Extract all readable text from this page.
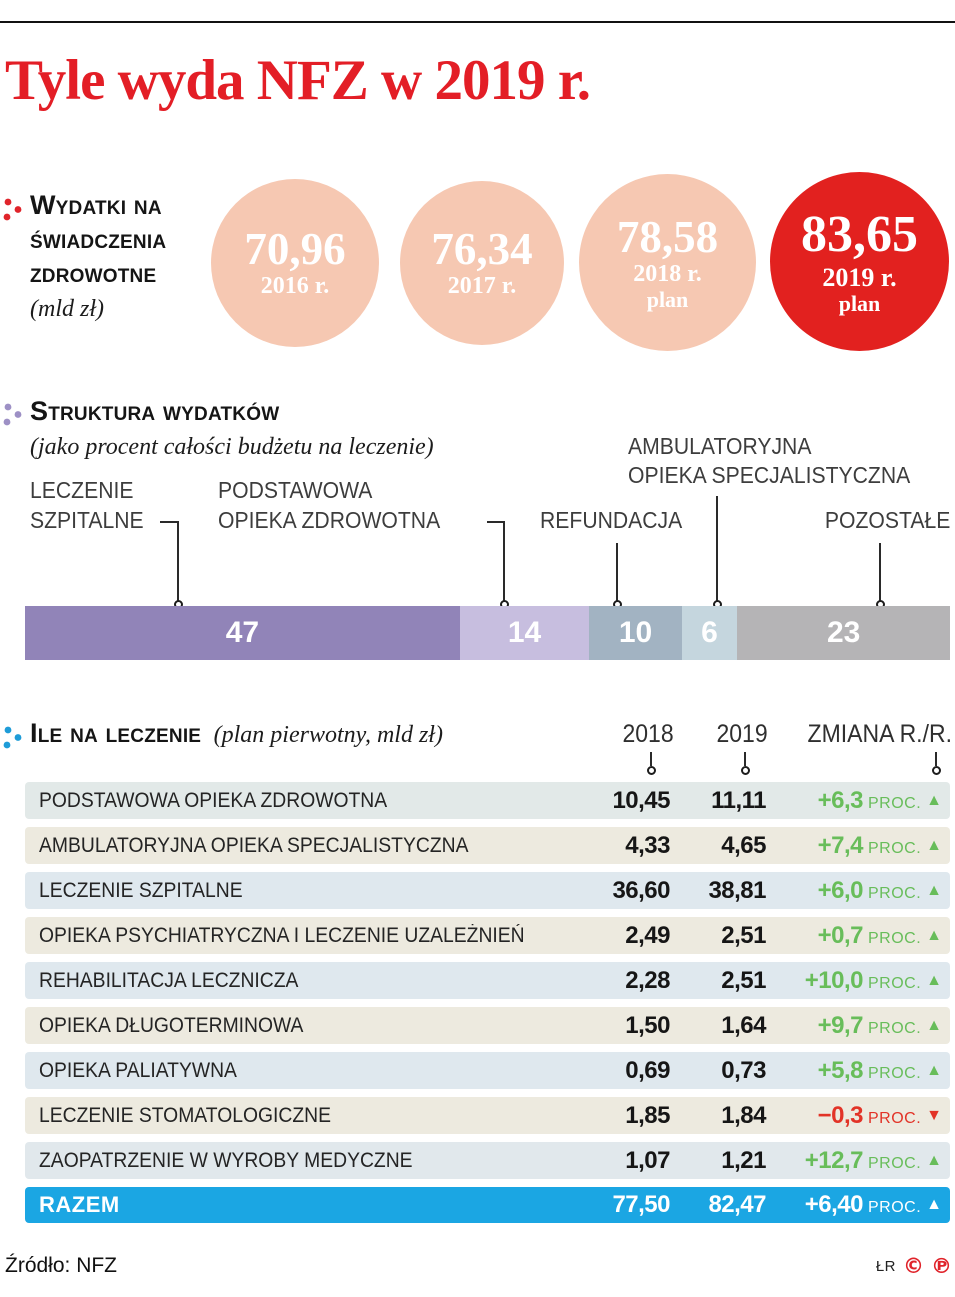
Tyle wyda NFZ w 2019 r.
Wydatki na
świadczenia
zdrowotne
(mld zł)
70,96
2016 r.
76,34
2017 r.
78,58
2018 r.
plan
83,65
2019 r.
plan
Struktura wydatków
(jako procent całości budżetu na leczenie)
LECZENIE
SZPITALNE
PODSTAWOWA
OPIEKA ZDROWOTNA	REFUNDACJA
AMBULATORYJNA
OPIEKA SPECJALISTYCZNA
POZOSTAŁE
47	14	10 6	23
Ile na leczenie (plan pierwotny, mld zł)	2018 2019	ZMIANA R./R.
PODSTAWOWA OPIEKA ZDROWOTNA	10,45	11,11 +6,3 PROC. ▲
AMBULATORYJNA OPIEKA SPECJALISTYCZNA	4,33	4,65 +7,4 PROC. ▲
LECZENIE SZPITALNE	36,60	38,81 +6,0 PROC. ▲
OPIEKA PSYCHIATRYCZNA I LECZENIE UZALEŻNIEŃ	2,49	2,51 +0,7 PROC. ▲
REHABILITACJA LECZNICZA	2,28	2,51 +10,0 PROC. ▲
OPIEKA DŁUGOTERMINOWA	1,50	1,64 +9,7 PROC. ▲
OPIEKA PALIATYWNA	0,69	0,73 +5,8 PROC. ▲
LECZENIE STOMATOLOGICZNE	1,85	1,84 −0,3 PROC. ▼
ZAOPATRZENIE W WYROBY MEDYCZNE	1,07	1,21 +12,7 PROC. ▲
RAZEM	77,50	82,47 +6,40 PROC. ▲
Źródło: NFZ	ŁR © ℗
